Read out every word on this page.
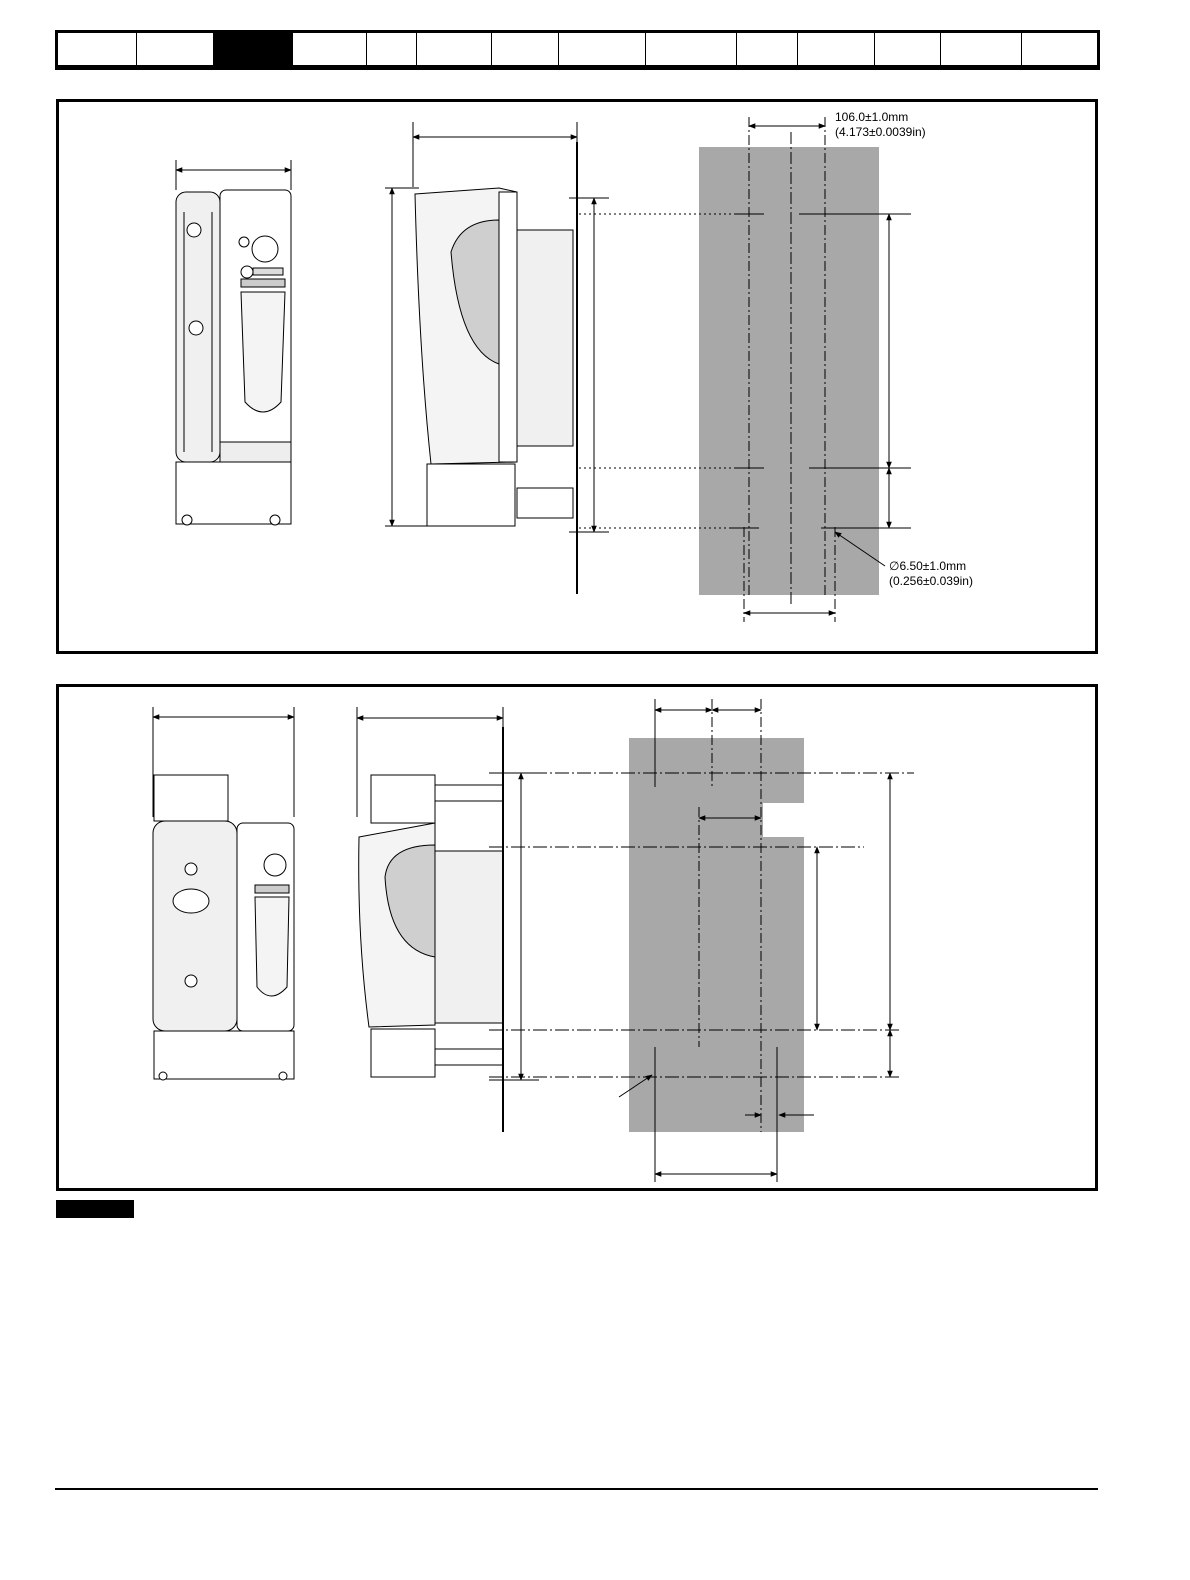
106.0±1.0mm
(4.173±0.0039in)
∅6.50±1.0mm
(0.256±0.039in)
